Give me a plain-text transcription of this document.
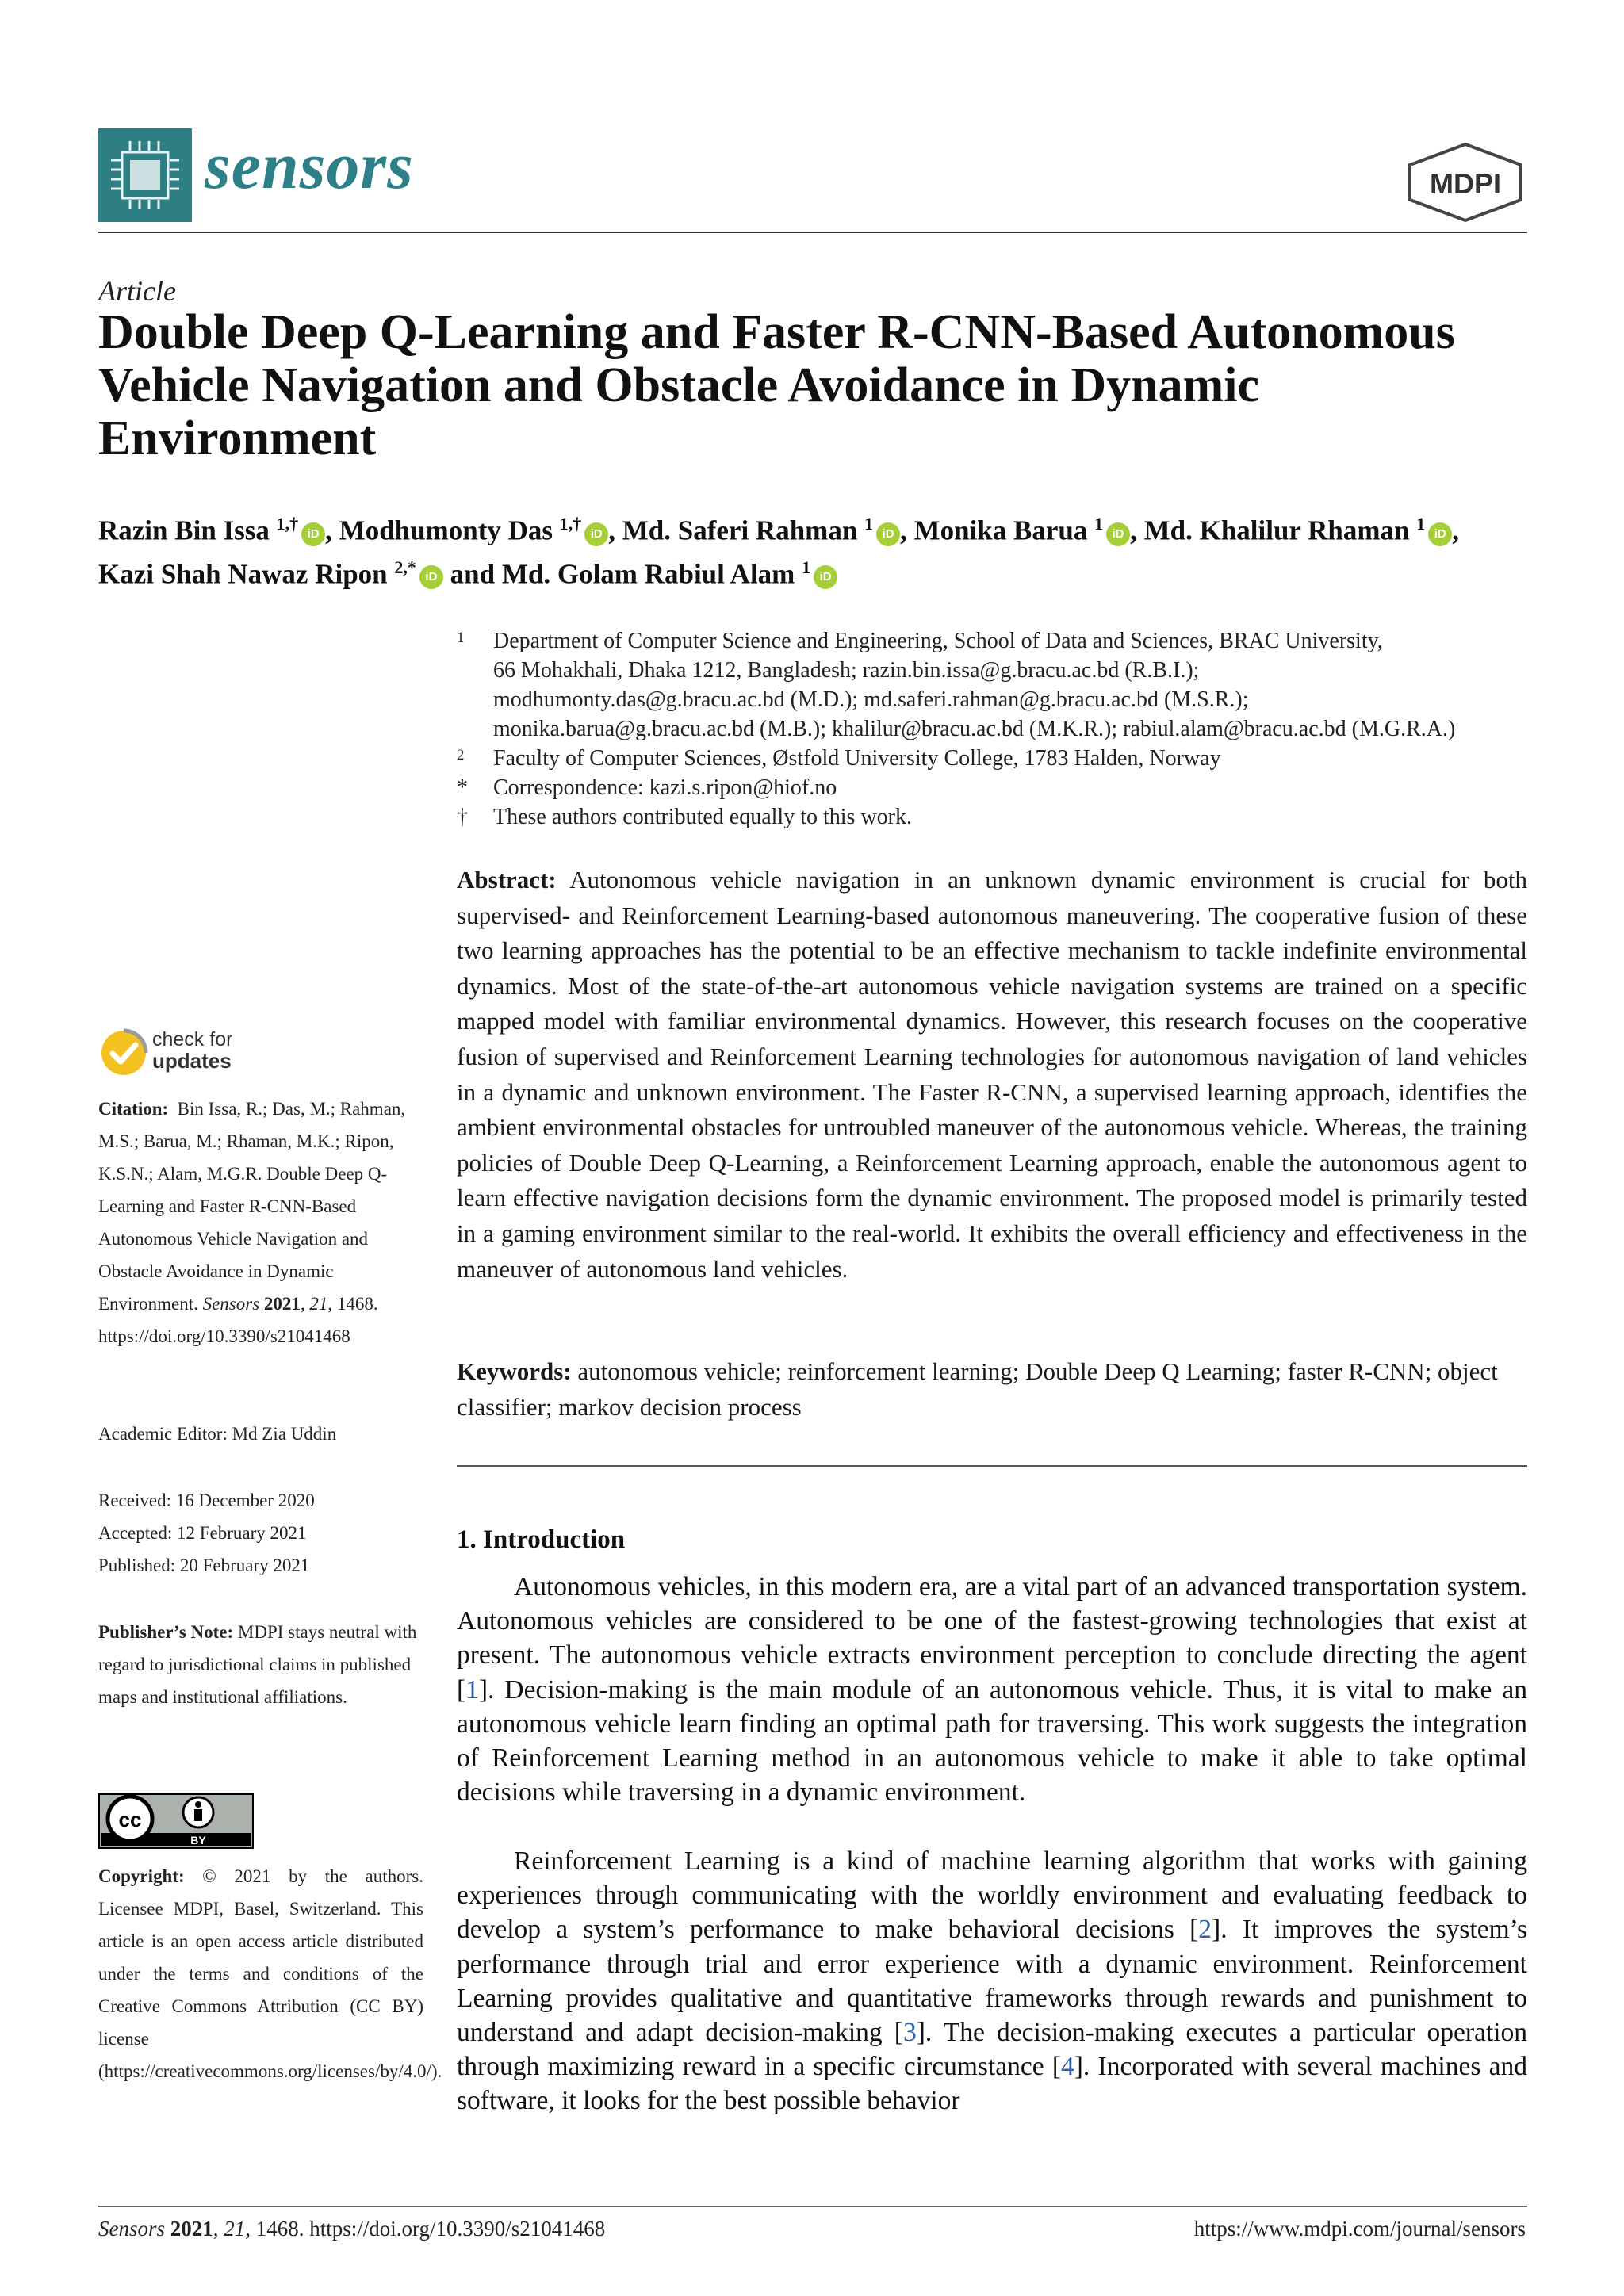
sensors	MDPI
Article
Double Deep Q-Learning and Faster R-CNN-Based Autonomous Vehicle Navigation and Obstacle Avoidance in Dynamic Environment
Razin Bin Issa $^{1,\dagger}$iD , Modhumonty Das $^{1,\dagger}$iD , Md. Saferi Rahman $^1$iD , Monika Barua $^1$iD , Md. Khalilur Rhaman $^1$iD ,
Kazi Shah Nawaz Ripon $^{2,*}$iD and Md. Golam Rabiul Alam $^1$iD
1 Department of Computer Science and Engineering, School of Data and Sciences, BRAC University,
66 Mohakhali, Dhaka 1212, Bangladesh; razin.bin.issa@g.bracu.ac.bd (R.B.I.);
modhumonty.das@g.bracu.ac.bd (M.D.); md.saferi.rahman@g.bracu.ac.bd (M.S.R.);
monika.barua@g.bracu.ac.bd (M.B.); khalilur@bracu.ac.bd (M.K.R.); rabiul.alam@bracu.ac.bd (M.G.R.A.)
2 Faculty of Computer Sciences, Østfold University College, 1783 Halden, Norway
* Correspondence: kazi.s.ripon@hiof.no
† These authors contributed equally to this work.

Abstract: Autonomous vehicle navigation in an unknown dynamic environment is crucial for both supervised- and Reinforcement Learning-based autonomous maneuvering. The cooperative fusion of these two learning approaches has the potential to be an effective mechanism to tackle indefinite environmental dynamics. Most of the state-of-the-art autonomous vehicle navigation systems are trained on a specific mapped model with familiar environmental dynamics. However, this research focuses on the cooperative fusion of supervised and Reinforcement Learning technologies for autonomous navigation of land vehicles in a dynamic and unknown environment. The Faster R-CNN, a supervised learning approach, identifies the ambient environmental obstacles for untroubled maneuver of the autonomous vehicle. Whereas, the training policies of Double Deep Q-Learning, a Reinforcement Learning approach, enable the autonomous agent to learn effective navigation decisions form the dynamic environment. The proposed model is primarily tested in a gaming environment similar to the real-world. It exhibits the overall efficiency and effectiveness in the maneuver of autonomous land vehicles.

Keywords: autonomous vehicle; reinforcement learning; Double Deep Q Learning; faster R-CNN; object classifier; markov decision process

1. Introduction

Autonomous vehicles, in this modern era, are a vital part of an advanced transportation system. Autonomous vehicles are considered to be one of the fastest-growing technologies that exist at present. The autonomous vehicle extracts environment perception to conclude directing the agent [1]. Decision-making is the main module of an autonomous vehicle. Thus, it is vital to make an autonomous vehicle learn finding an optimal path for traversing. This work suggests the integration of Reinforcement Learning method in an autonomous vehicle to make it able to take optimal decisions while traversing in a dynamic environment.

Reinforcement Learning is a kind of machine learning algorithm that works with gaining experiences through communicating with the worldly environment and evaluating feedback to develop a system’s performance to make behavioral decisions [2]. It improves the system’s performance through trial and error experience with a dynamic environment. Reinforcement Learning provides qualitative and quantitative frameworks through rewards and punishment to understand and adapt decision-making [3]. The decision-making executes a particular operation through maximizing reward in a specific circumstance [4]. Incorporated with several machines and software, it looks for the best possible behavior

check for
updates

Citation: Bin Issa, R.; Das, M.; Rahman, M.S.; Barua, M.; Rhaman, M.K.; Ripon, K.S.N.; Alam, M.G.R. Double Deep Q-Learning and Faster R-CNN-Based Autonomous Vehicle Navigation and Obstacle Avoidance in Dynamic Environment. Sensors 2021, 21, 1468. https://doi.org/10.3390/s21041468

Academic Editor: Md Zia Uddin

Received: 16 December 2020
Accepted: 12 February 2021
Published: 20 February 2021

Publisher’s Note: MDPI stays neutral with regard to jurisdictional claims in published maps and institutional affiliations.

cc
BY

Copyright: © 2021 by the authors. Licensee MDPI, Basel, Switzerland. This article is an open access article distributed under the terms and conditions of the Creative Commons Attribution (CC BY) license (https://creativecommons.org/licenses/by/4.0/).

Sensors 2021, 21, 1468. https://doi.org/10.3390/s21041468	https://www.mdpi.com/journal/sensors
